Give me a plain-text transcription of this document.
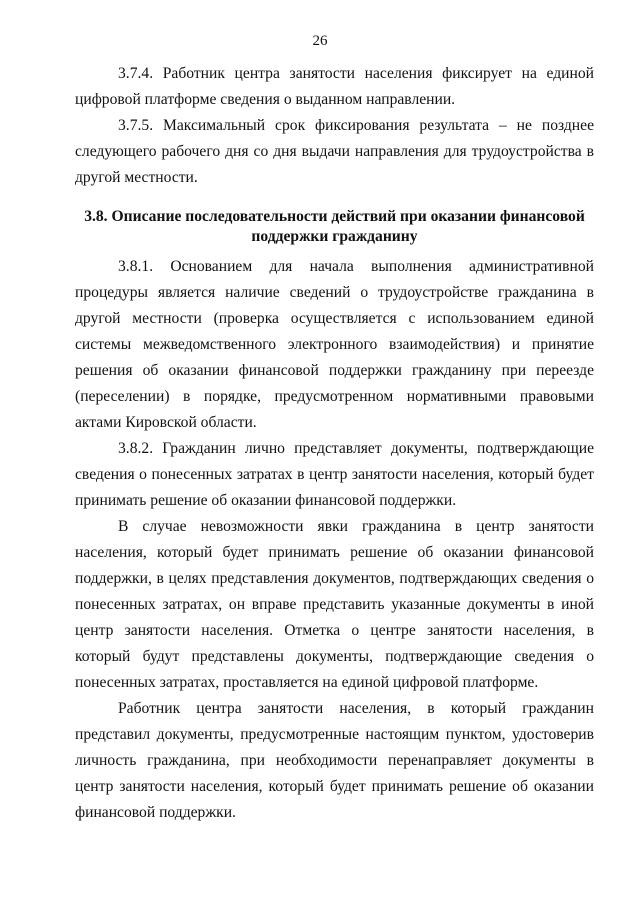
26

3.7.4. Работник центра занятости населения фиксирует на единой цифровой платформе сведения о выданном направлении.

3.7.5. Максимальный срок фиксирования результата – не позднее следующего рабочего дня со дня выдачи направления для трудоустройства в другой местности.

3.8. Описание последовательности действий при оказании финансовой поддержки гражданину

3.8.1. Основанием для начала выполнения административной процедуры является наличие сведений о трудоустройстве гражданина в другой местности (проверка осуществляется с использованием единой системы межведомственного электронного взаимодействия) и принятие решения об оказании финансовой поддержки гражданину при переезде (переселении) в порядке, предусмотренном нормативными правовыми актами Кировской области.

3.8.2. Гражданин лично представляет документы, подтверждающие сведения о понесенных затратах в центр занятости населения, который будет принимать решение об оказании финансовой поддержки.

В случае невозможности явки гражданина в центр занятости населения, который будет принимать решение об оказании финансовой поддержки, в целях представления документов, подтверждающих сведения о понесенных затратах, он вправе представить указанные документы в иной центр занятости населения. Отметка о центре занятости населения, в который будут представлены документы, подтверждающие сведения о понесенных затратах, проставляется на единой цифровой платформе.

Работник центра занятости населения, в который гражданин представил документы, предусмотренные настоящим пунктом, удостоверив личность гражданина, при необходимости перенаправляет документы в центр занятости населения, который будет принимать решение об оказании финансовой поддержки.
